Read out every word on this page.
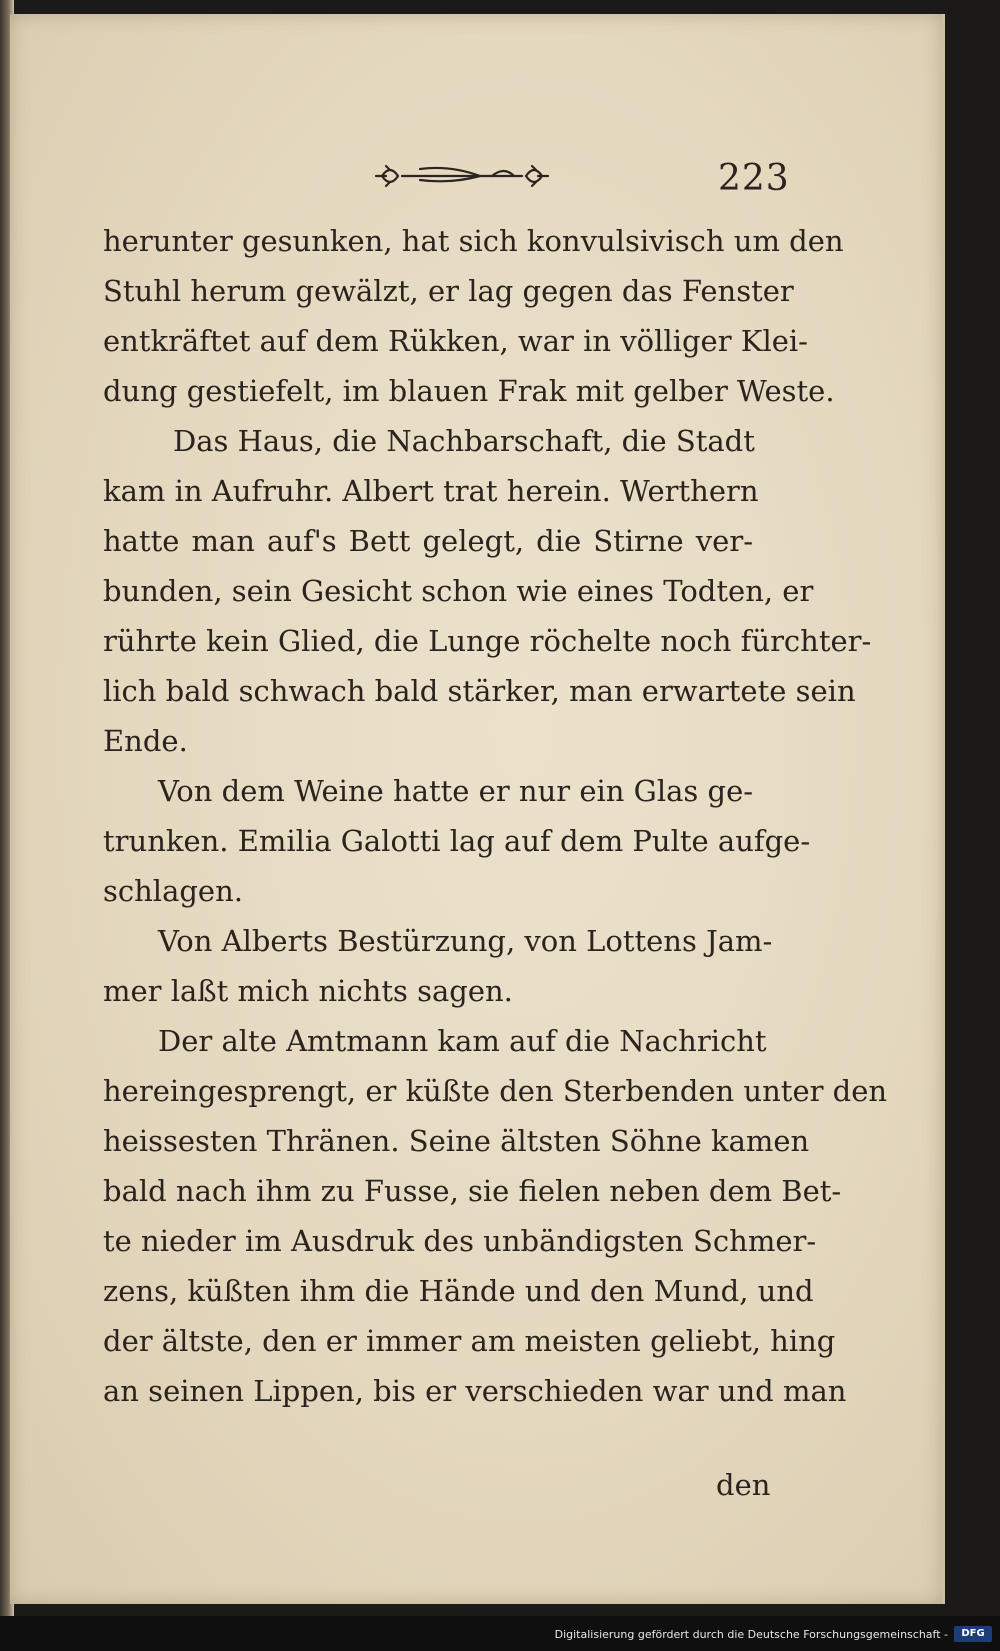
223
herunter gesunken, hat sich konvulsivisch um den
Stuhl herum gewälzt, er lag gegen das Fenster
entkräftet auf dem Rükken, war in völliger Klei-
dung gestiefelt, im blauen Frak mit gelber Weste.
Das Haus, die Nachbarschaft, die Stadt
kam in Aufruhr. Albert trat herein. Werthern
hatte man auf's Bett gelegt, die Stirne ver-
bunden, sein Gesicht schon wie eines Todten, er
rührte kein Glied, die Lunge röchelte noch fürchter-
lich bald schwach bald stärker, man erwartete sein
Ende.
Von dem Weine hatte er nur ein Glas ge-
trunken. Emilia Galotti lag auf dem Pulte aufge-
schlagen.
Von Alberts Bestürzung, von Lottens Jam-
mer laßt mich nichts sagen.
Der alte Amtmann kam auf die Nachricht
hereingesprengt, er küßte den Sterbenden unter den
heissesten Thränen. Seine ältsten Söhne kamen
bald nach ihm zu Fusse, sie fielen neben dem Bet-
te nieder im Ausdruk des unbändigsten Schmer-
zens, küßten ihm die Hände und den Mund, und
der ältste, den er immer am meisten geliebt, hing
an seinen Lippen, bis er verschieden war und man
den
Digitalisierung gefördert durch die Deutsche Forschungsgemeinschaft -	DFG
